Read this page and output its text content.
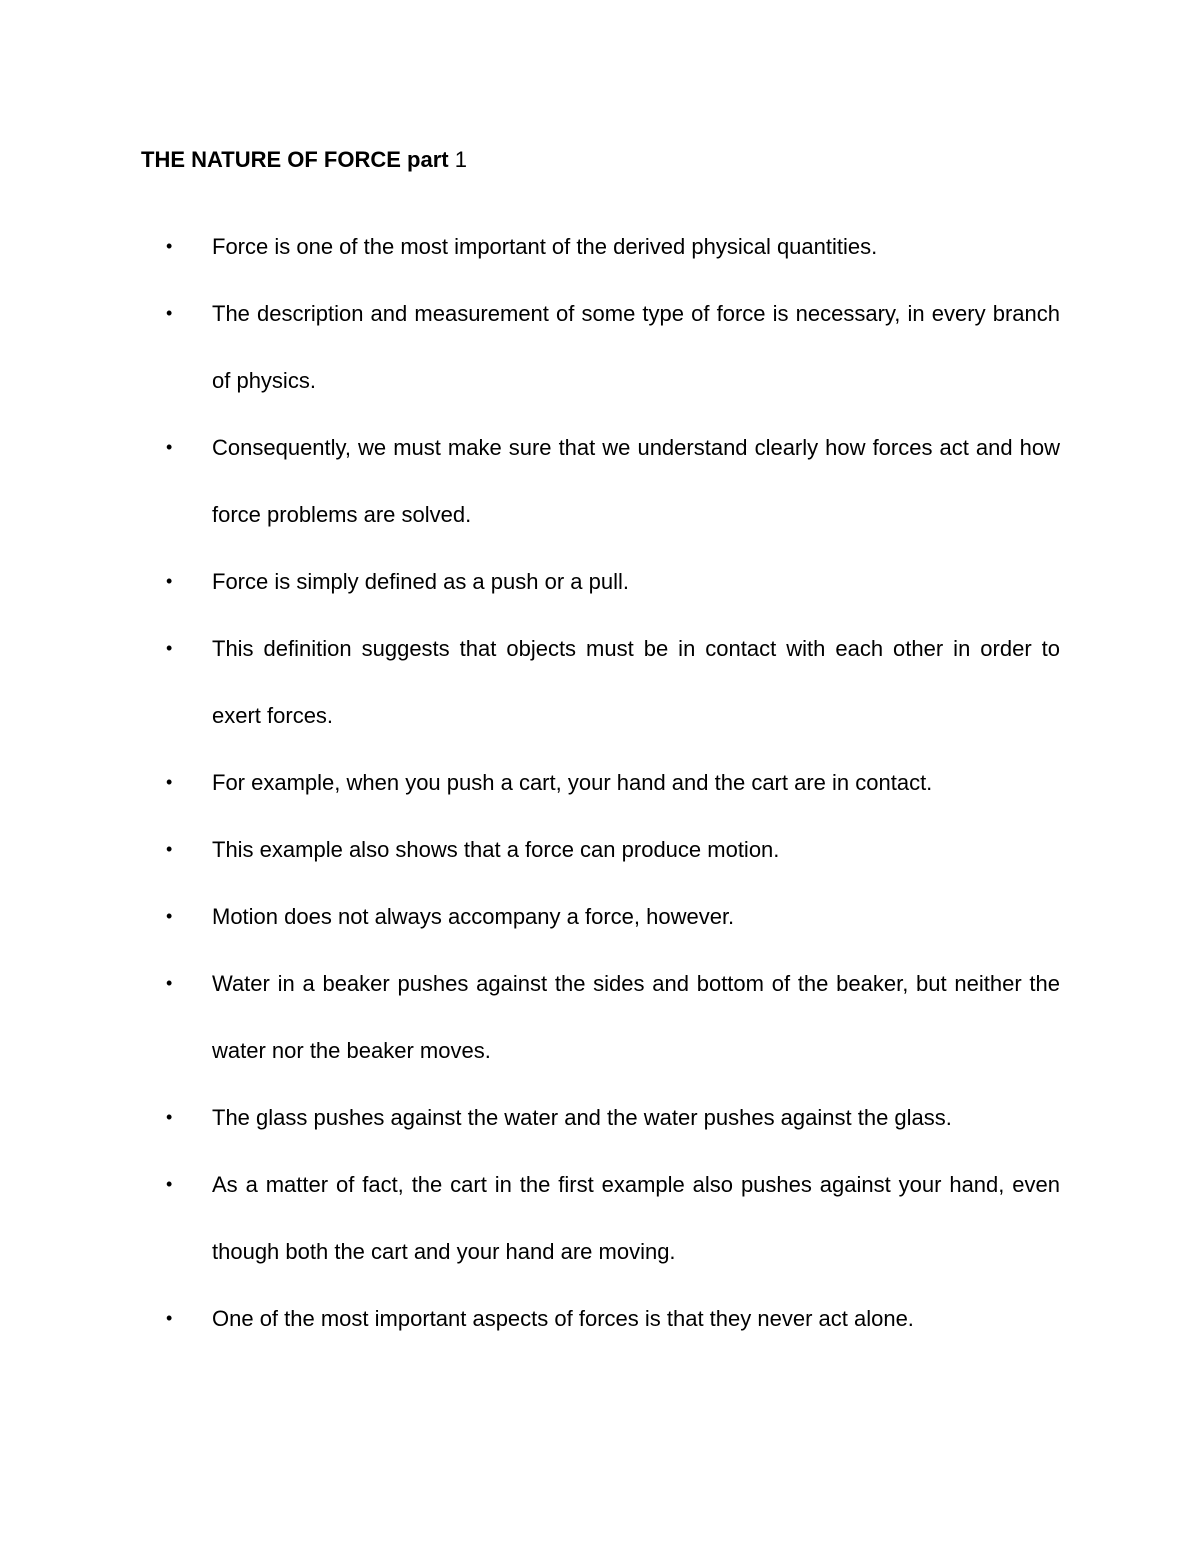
THE NATURE OF FORCE part 1
•	Force is one of the most important of the derived physical quantities.
•	The description and measurement of some type of force is necessary, in every branch of physics.
•	Consequently, we must make sure that we understand clearly how forces act and how force problems are solved.
•	Force is simply defined as a push or a pull.
•	This definition suggests that objects must be in contact with each other in order to exert forces.
•	For example, when you push a cart, your hand and the cart are in contact.
•	This example also shows that a force can produce motion.
•	Motion does not always accompany a force, however.
•	Water in a beaker pushes against the sides and bottom of the beaker, but neither the water nor the beaker moves.
•	The glass pushes against the water and the water pushes against the glass.
•	As a matter of fact, the cart in the first example also pushes against your hand, even though both the cart and your hand are moving.
•	One of the most important aspects of forces is that they never act alone.
